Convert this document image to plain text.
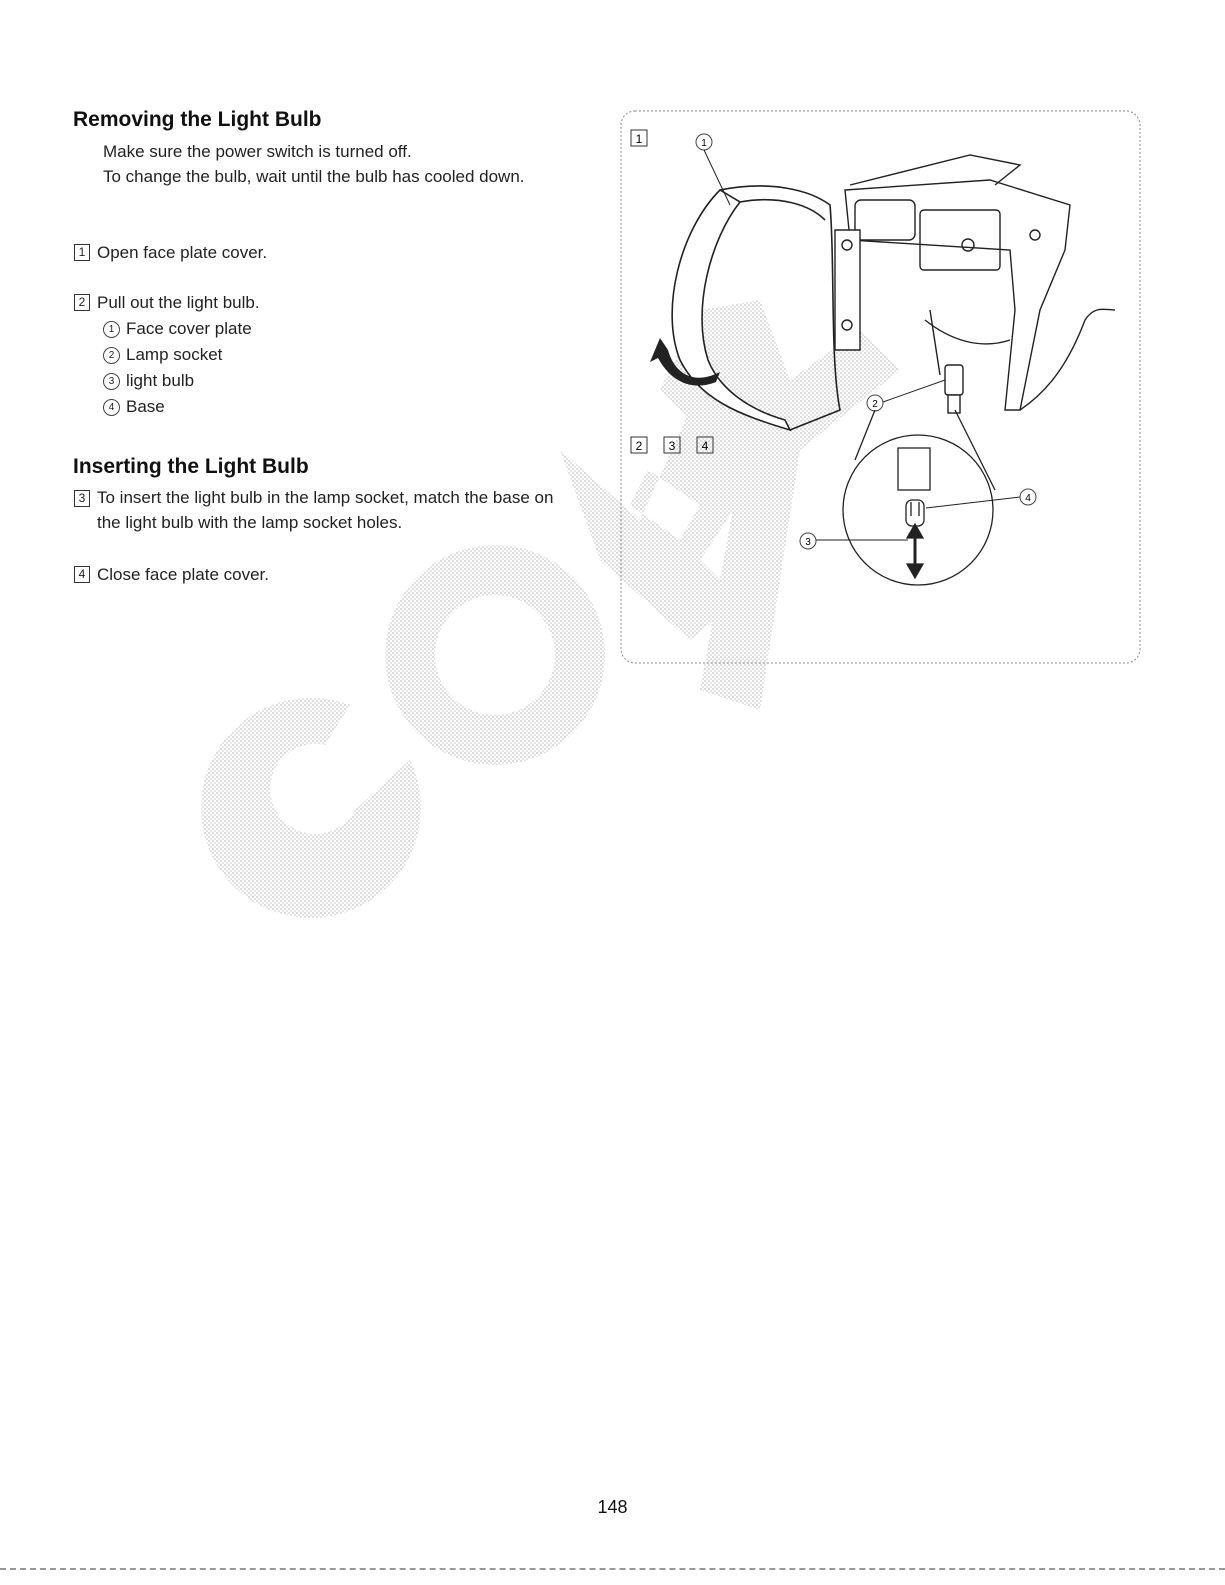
Removing the Light Bulb

Make sure the power switch is turned off.

To change the bulb, wait until the bulb has cooled down.

1 Open face plate cover.
2 Pull out the light bulb.
1 Face cover plate
2 Lamp socket
3 light bulb
4 Base
Inserting the Light Bulb
3 To insert the light bulb in the lamp socket, match the base on the light bulb with the lamp socket holes.
4 Close face plate cover.
1
2 3 4
1
2
3
4
148
